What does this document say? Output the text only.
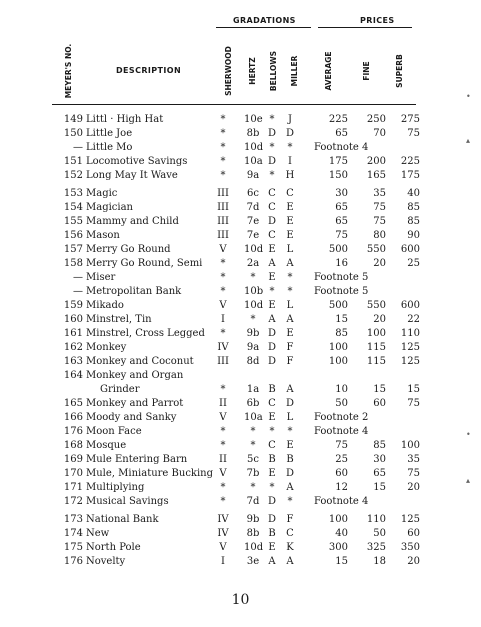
GRADATIONS	PRICES
MEYER'S NO.	DESCRIPTION	SHERWOOD HERTZ BELLOWS MILLER	AVERAGE	FINE	SUPERB
149 Littl · High Hat	*	10e *	J	225	250	275
150 Little Joe	*	8b D D	65	70	75
— Little Mo	*	10d *	*	Footnote 4
151 Locomotive Savings	*	10a D	I	175	200	225
152 Long May It Wave	*	9a	*	H	150	165	175
153 Magic	III	6c C	C	30	35	40
154 Magician	III	7d C	E	65	75	85
155 Mammy and Child	III	7e D	E	65	75	85
156 Mason	III	7e C	E	75	80	90
157 Merry Go Round	V	10d E	L	500	550	600
158 Merry Go Round, Semi	*	2a A	A	16	20	25
— Miser	*	*	E	*	Footnote 5
— Metropolitan Bank	*	10b *	*	Footnote 5
159 Mikado	V	10d E	L	500	550	600
160 Minstrel, Tin	I	*	A	A	15	20	22
161 Minstrel, Cross Legged	*	9b D	E	85	100	110
162 Monkey	IV	9a D	F	100	115	125
163 Monkey and Coconut	III	8d D	F	100	115	125
164 Monkey and Organ
Grinder	*	1a B	A	10	15	15
165 Monkey and Parrot	II	6b C	D	50	60	75
166 Moody and Sanky	V	10a E	L	Footnote 2
176 Moon Face	*	*	*	*	Footnote 4
168 Mosque	*	*	C	E	75	85	100
169 Mule Entering Barn	II	5c B	B	25	30	35
170 Mule, Miniature Bucking V	7b E	D	60	65	75
171 Multiplying	*	*	*	A	12	15	20
172 Musical Savings	*	7d D	*	Footnote 4
173 National Bank	IV	9b D	F	100	110	125
174 New	IV	8b B	C	40	50	60
175 North Pole	V	10d E	K	300	325	350
176 Novelty	I	3e A	A	15	18	20
10
•
▴
•
▴
